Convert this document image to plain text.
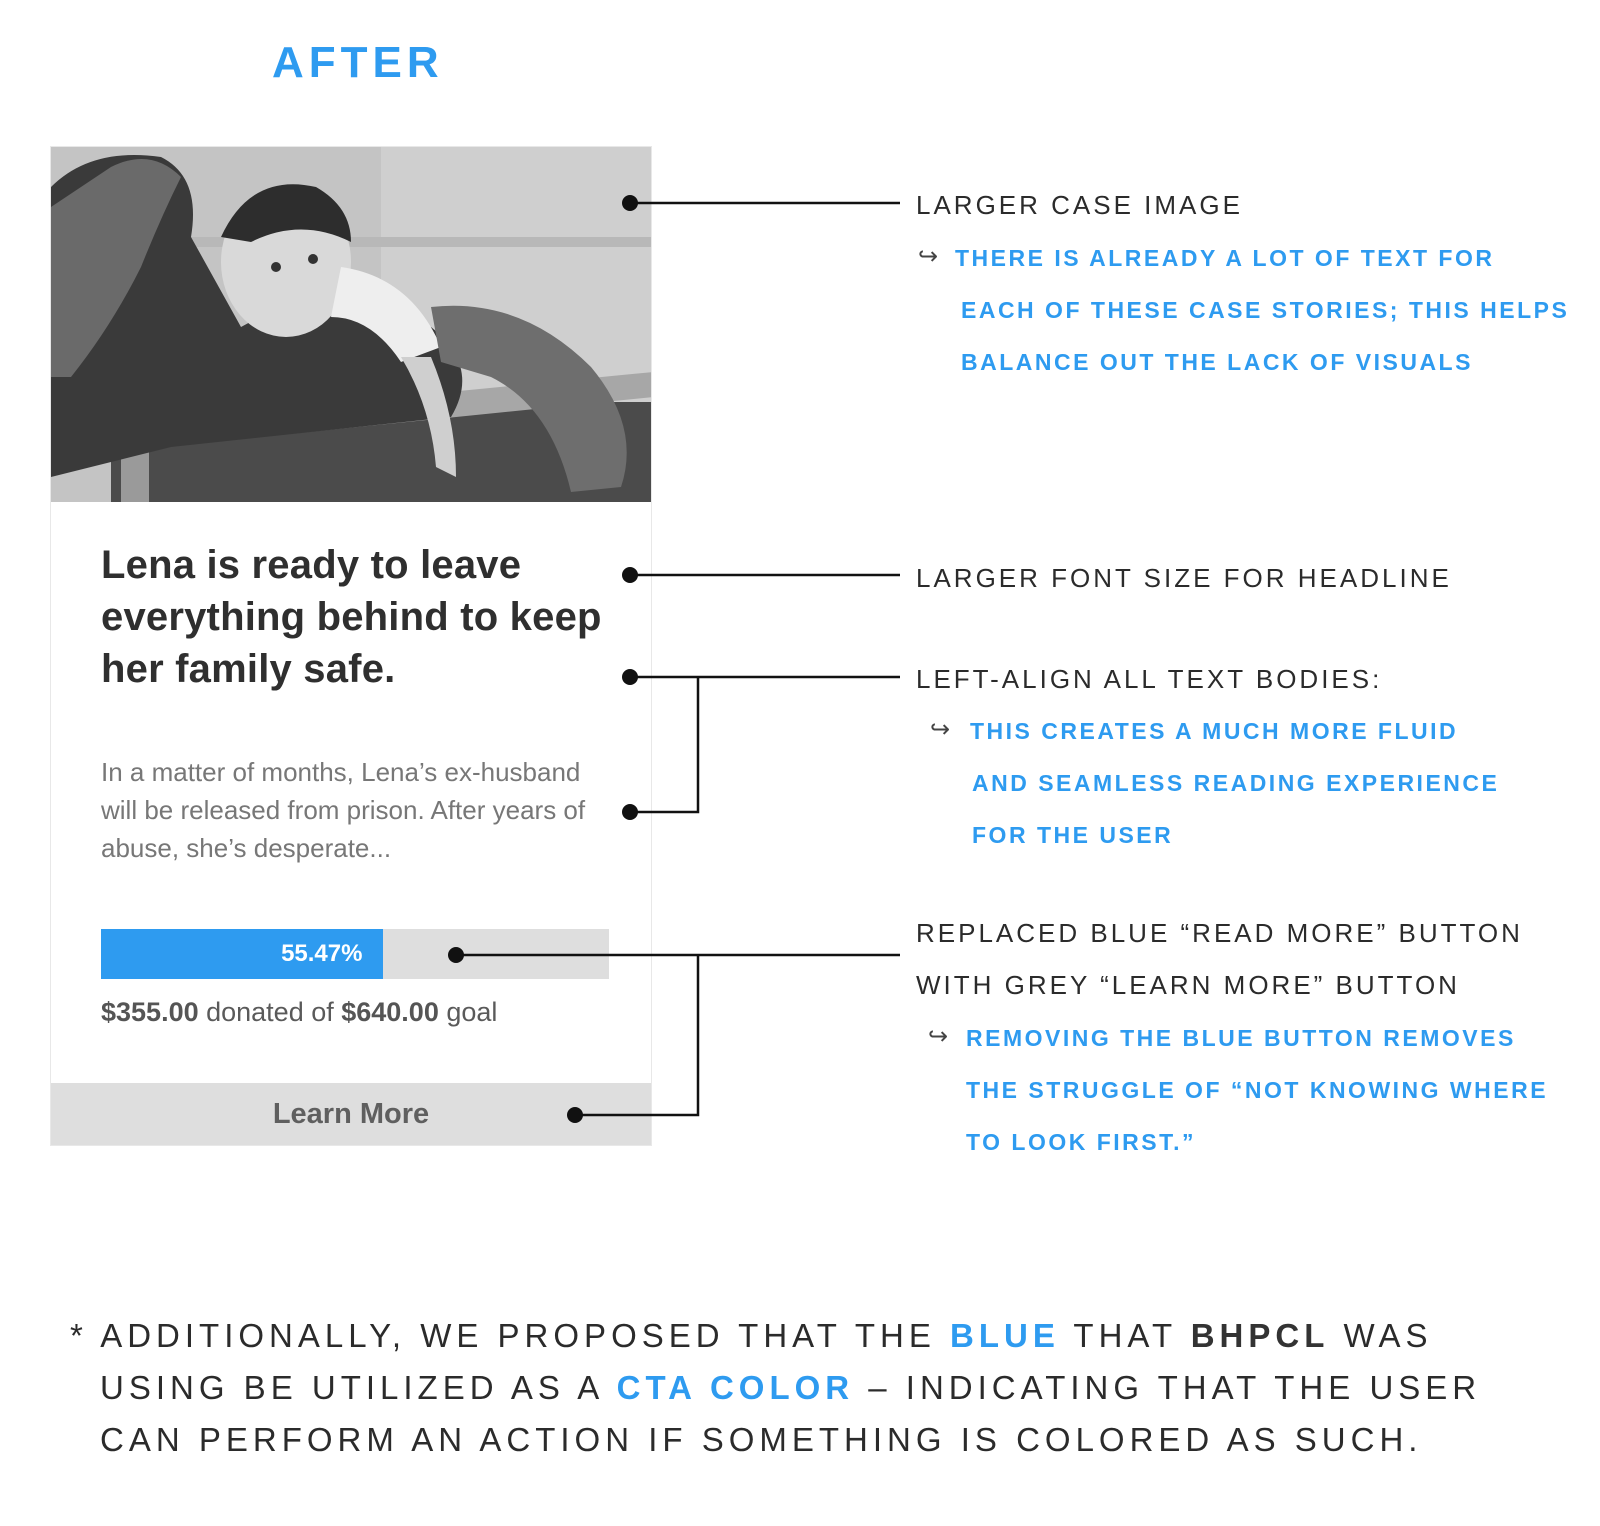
AFTER
Lena is ready to leave everything behind to keep her family safe.
In a matter of months, Lena’s ex-husband will be released from prison. After years of abuse, she’s desperate...
55.47%
$355.00 donated of $640.00 goal
Learn More
LARGER CASE IMAGE
↪ THERE IS ALREADY A LOT OF TEXT FOR
EACH OF THESE CASE STORIES; THIS HELPS
BALANCE OUT THE LACK OF VISUALS
LARGER FONT SIZE FOR HEADLINE
LEFT-ALIGN ALL TEXT BODIES:
↪ THIS CREATES A MUCH MORE FLUID
AND SEAMLESS READING EXPERIENCE
FOR THE USER
REPLACED BLUE “READ MORE” BUTTON
WITH GREY “LEARN MORE” BUTTON
↪ REMOVING THE BLUE BUTTON REMOVES
THE STRUGGLE OF “NOT KNOWING WHERE
TO LOOK FIRST.”
* ADDITIONALLY, WE PROPOSED THAT THE BLUE THAT BHPCL WAS
USING BE UTILIZED AS A CTA COLOR – INDICATING THAT THE USER
CAN PERFORM AN ACTION IF SOMETHING IS COLORED AS SUCH.
